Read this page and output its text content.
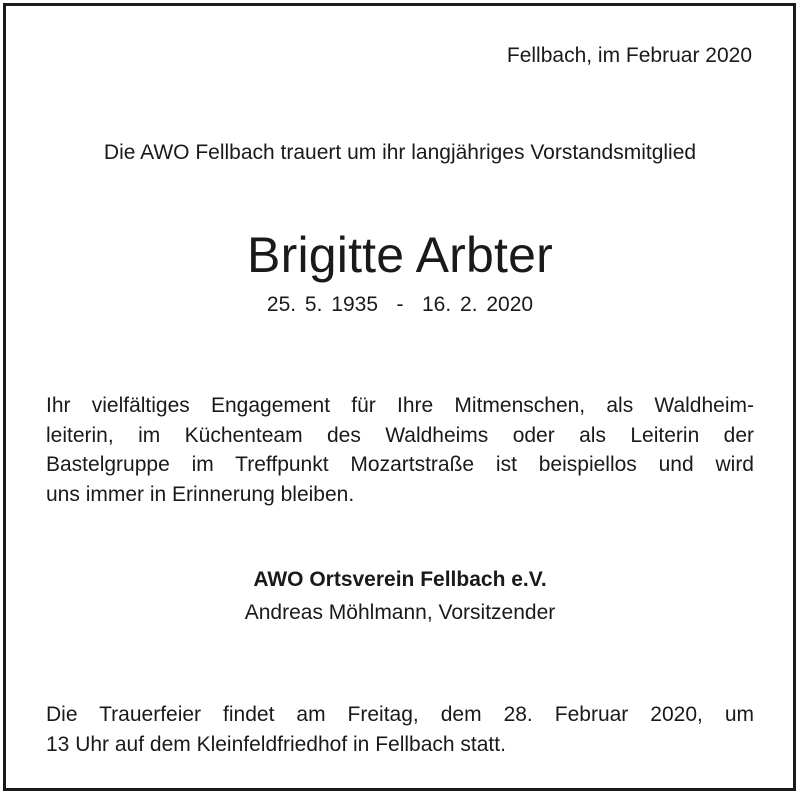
Fellbach, im Februar 2020

Die AWO Fellbach trauert um ihr langjähriges Vorstandsmitglied

Brigitte Arbter

25. 5. 1935 - 16. 2. 2020

Ihr vielfältiges Engagement für Ihre Mitmenschen, als Waldheim-
leiterin, im Küchenteam des Waldheims oder als Leiterin der
Bastelgruppe im Treffpunkt Mozartstraße ist beispiellos und wird
uns immer in Erinnerung bleiben.

AWO Ortsverein Fellbach e.V.

Andreas Möhlmann, Vorsitzender

Die Trauerfeier findet am Freitag, dem 28. Februar 2020, um
13 Uhr auf dem Kleinfeldfriedhof in Fellbach statt.
